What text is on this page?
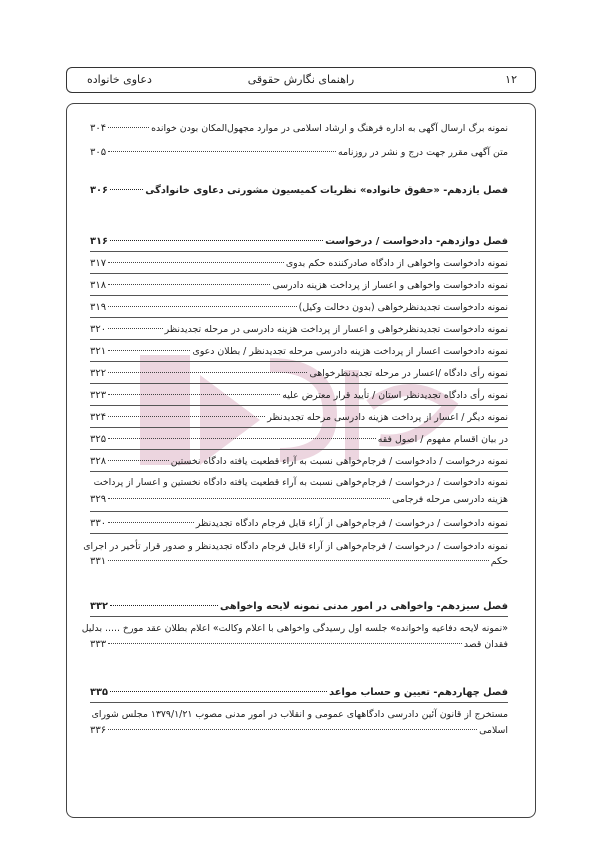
دعاوی خانواده	راهنمای نگارش حقوقی	۱۲
نمونه برگ ارسال آگهی به اداره فرهنگ و ارشاد اسلامی در موارد مجهول‌المکان بودن خوانده
۳۰۴
متن آگهی مقرر جهت درج و نشر در روزنامه
۳۰۵
فصل یازدهم- «حقوق خانواده» نظریات کمیسیون مشورتی دعاوی خانوادگی
۳۰۶
فصل دوازدهم- دادخواست / درخواست
۳۱۶
نمونه دادخواست واخواهی از دادگاه صادرکننده حکم بدوی
۳۱۷
نمونه دادخواست واخواهی و اعسار از پرداخت هزینه دادرسی
۳۱۸
نمونه دادخواست تجدیدنظرخواهی (بدون دخالت وکیل)
۳۱۹
نمونه دادخواست تجدیدنظرخواهی و اعسار از پرداخت هزینه دادرسی در مرحله تجدیدنظر
۳۲۰
نمونه دادخواست اعسار از پرداخت هزینه دادرسی مرحله تجدیدنظر / بطلان دعوی
۳۲۱
نمونه رأی دادگاه /اعسار در مرحله تجدیدنظرخواهی
۳۲۲
نمونه رأی دادگاه تجدیدنظر استان / تأیید قرار معترض علیه
۳۲۳
نمونه دیگر / اعسار از پرداخت هزینه دادرسی مرحله تجدیدنظر
۳۲۴
در بیان اقسام مفهوم / اصول فقه
۳۲۵
نمونه درخواست / دادخواست / فرجام‌خواهی نسبت به آراء قطعیت یافته دادگاه نخستین
۳۲۸
نمونه دادخواست / درخواست / فرجام‌خواهی نسبت به آراء قطعیت یافته دادگاه نخستین و اعسار از پرداخت
هزینه دادرسی مرحله فرجامی
۳۲۹
نمونه دادخواست / درخواست / فرجام‌خواهی از آراء قابل فرجام دادگاه تجدیدنظر
۳۳۰
نمونه دادخواست / درخواست / فرجام‌خواهی از آراء قابل فرجام دادگاه تجدیدنظر و صدور قرار تأخیر در اجرای
حکم
۳۳۱
فصل سیزدهم- واخواهی در امور مدنی نمونه لایحه واخواهی
۳۳۲
«نمونه لایحه دفاعیه واخوانده» جلسه اول رسیدگی واخواهی با اعلام وکالت» اعلام بطلان عقد مورخ ..... بدلیل
فقدان قصد
۳۳۳
فصل چهاردهم- تعیین و حساب مواعد
۳۳۵
مستخرج از قانون آئین دادرسی دادگاههای عمومی و انقلاب در امور مدنی مصوب ۱۳۷۹/۱/۲۱ مجلس شورای
اسلامی
۳۳۶
